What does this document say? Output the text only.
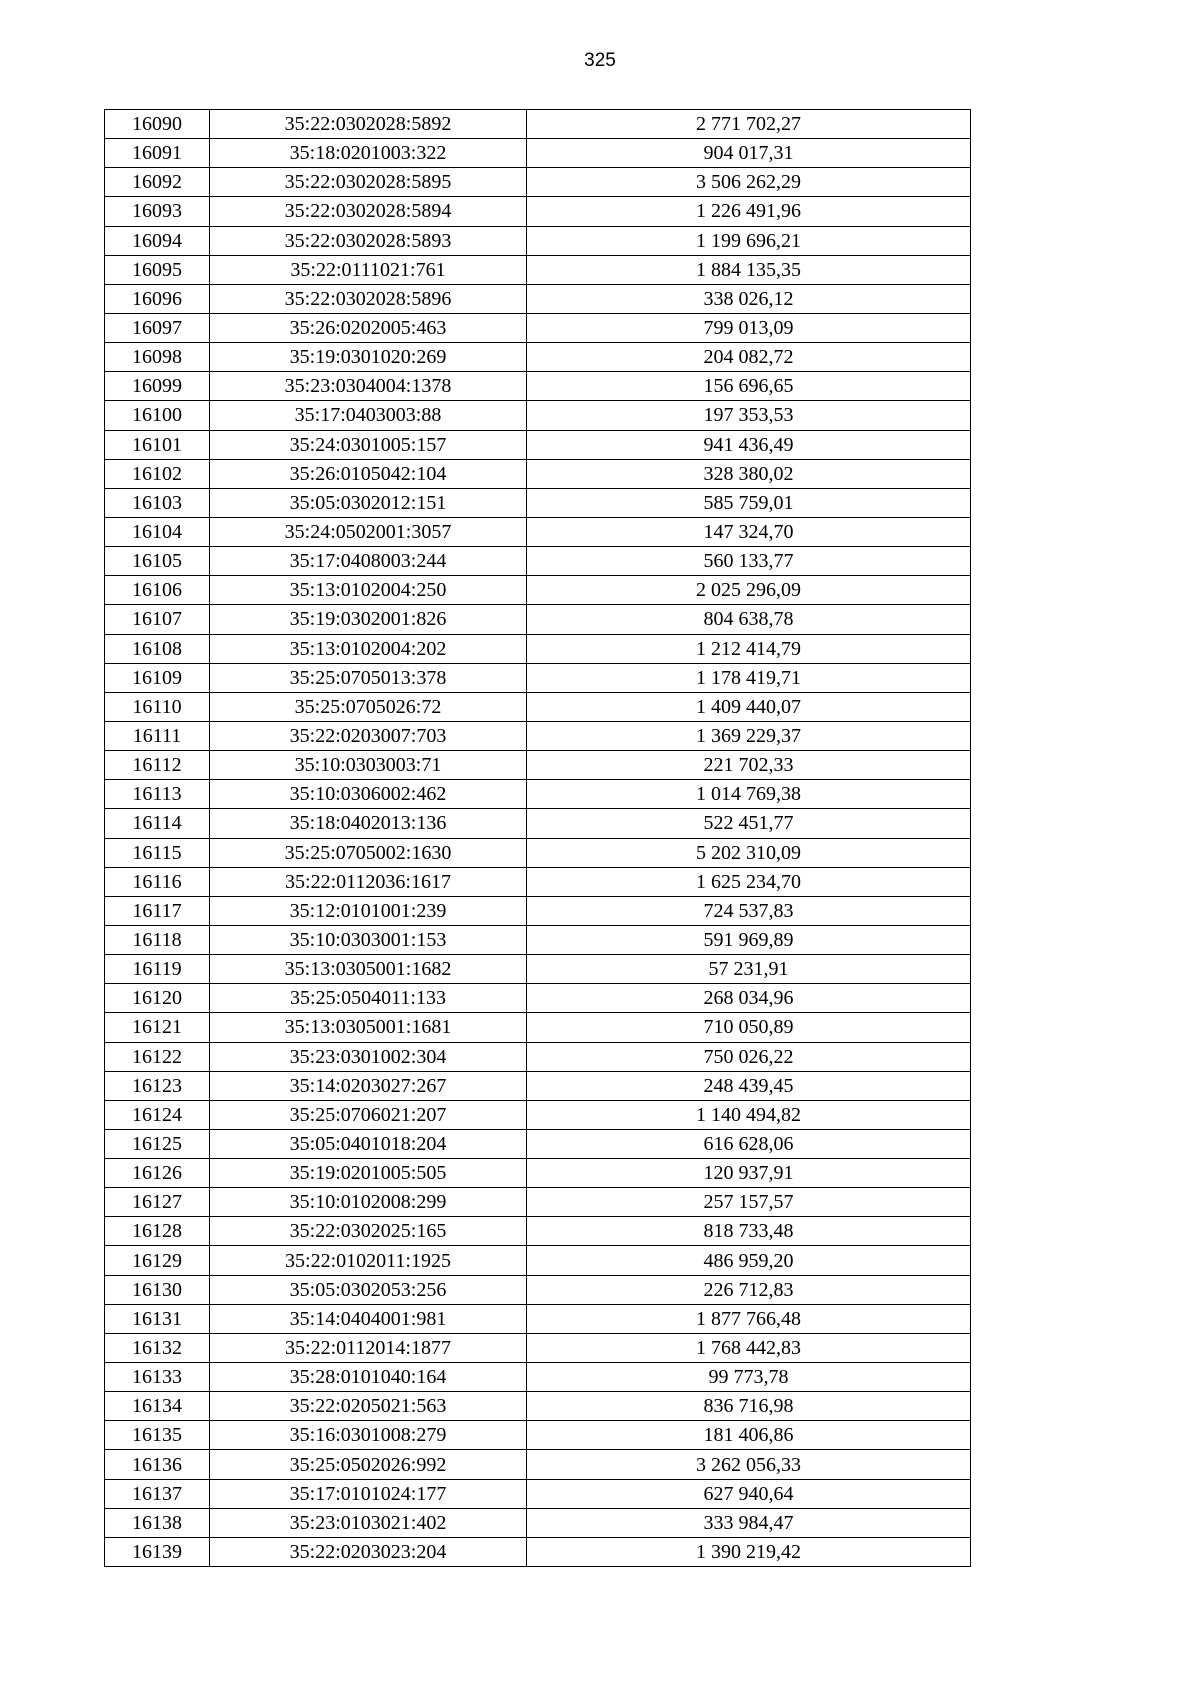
325
16090	35:22:0302028:5892	2 771 702,27
16091	35:18:0201003:322	904 017,31
16092	35:22:0302028:5895	3 506 262,29
16093	35:22:0302028:5894	1 226 491,96
16094	35:22:0302028:5893	1 199 696,21
16095	35:22:0111021:761	1 884 135,35
16096	35:22:0302028:5896	338 026,12
16097	35:26:0202005:463	799 013,09
16098	35:19:0301020:269	204 082,72
16099	35:23:0304004:1378	156 696,65
16100	35:17:0403003:88	197 353,53
16101	35:24:0301005:157	941 436,49
16102	35:26:0105042:104	328 380,02
16103	35:05:0302012:151	585 759,01
16104	35:24:0502001:3057	147 324,70
16105	35:17:0408003:244	560 133,77
16106	35:13:0102004:250	2 025 296,09
16107	35:19:0302001:826	804 638,78
16108	35:13:0102004:202	1 212 414,79
16109	35:25:0705013:378	1 178 419,71
16110	35:25:0705026:72	1 409 440,07
16111	35:22:0203007:703	1 369 229,37
16112	35:10:0303003:71	221 702,33
16113	35:10:0306002:462	1 014 769,38
16114	35:18:0402013:136	522 451,77
16115	35:25:0705002:1630	5 202 310,09
16116	35:22:0112036:1617	1 625 234,70
16117	35:12:0101001:239	724 537,83
16118	35:10:0303001:153	591 969,89
16119	35:13:0305001:1682	57 231,91
16120	35:25:0504011:133	268 034,96
16121	35:13:0305001:1681	710 050,89
16122	35:23:0301002:304	750 026,22
16123	35:14:0203027:267	248 439,45
16124	35:25:0706021:207	1 140 494,82
16125	35:05:0401018:204	616 628,06
16126	35:19:0201005:505	120 937,91
16127	35:10:0102008:299	257 157,57
16128	35:22:0302025:165	818 733,48
16129	35:22:0102011:1925	486 959,20
16130	35:05:0302053:256	226 712,83
16131	35:14:0404001:981	1 877 766,48
16132	35:22:0112014:1877	1 768 442,83
16133	35:28:0101040:164	99 773,78
16134	35:22:0205021:563	836 716,98
16135	35:16:0301008:279	181 406,86
16136	35:25:0502026:992	3 262 056,33
16137	35:17:0101024:177	627 940,64
16138	35:23:0103021:402	333 984,47
16139	35:22:0203023:204	1 390 219,42
